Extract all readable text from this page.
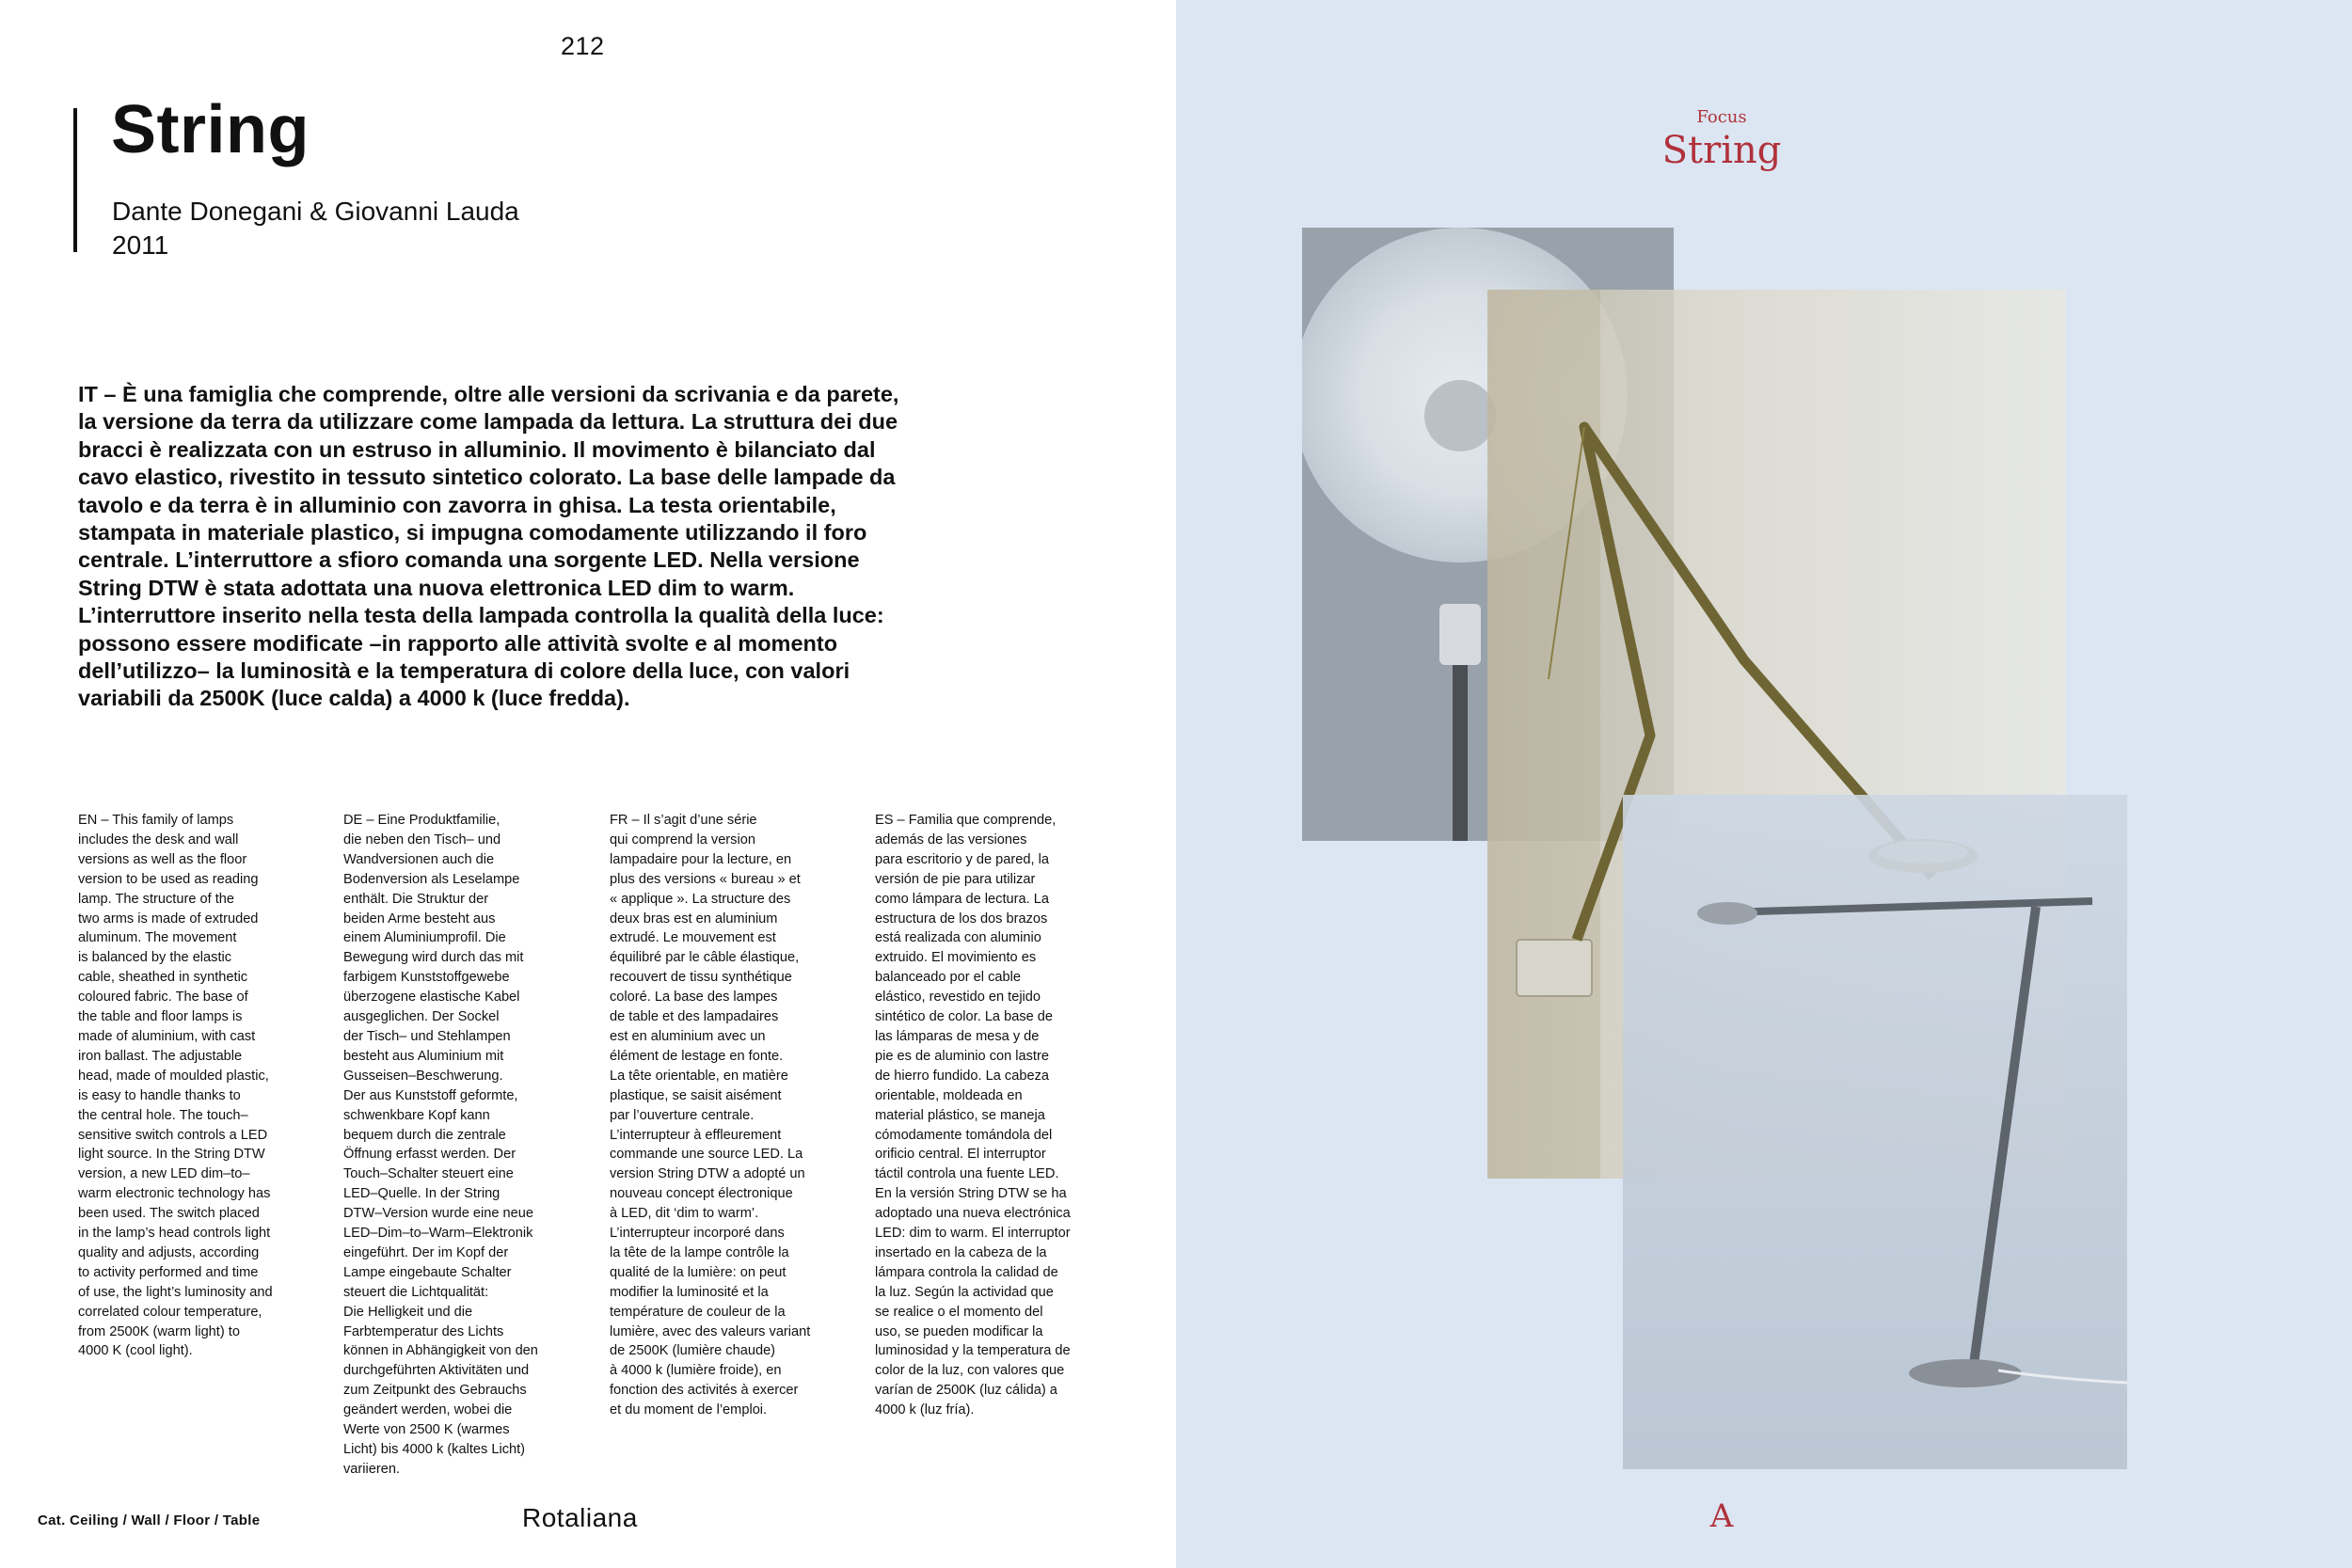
212
String
Dante Donegani & Giovanni Lauda
2011

IT – È una famiglia che comprende, oltre alle versioni da scrivania e da parete, la versione da terra da utilizzare come lampada da lettura. La struttura dei due bracci è realizzata con un estruso in alluminio. Il movimento è bilanciato dal cavo elastico, rivestito in tessuto sintetico colorato. La base delle lampade da tavolo e da terra è in alluminio con zavorra in ghisa. La testa orientabile, stampata in materiale plastico, si impugna comodamente utilizzando il foro centrale. L’interruttore a sfioro comanda una sorgente LED. Nella versione String DTW è stata adottata una nuova elettronica LED dim to warm. L’interruttore inserito nella testa della lampada controlla la qualità della luce: possono essere modificate –in rapporto alle attività svolte e al momento dell’utilizzo– la luminosità e la temperatura di colore della luce, con valori variabili da 2500K (luce calda) a 4000 k (luce fredda).

EN – This family of lamps
includes the desk and wall
versions as well as the floor
version to be used as reading
lamp. The structure of the
two arms is made of extruded
aluminum. The movement
is balanced by the elastic
cable, sheathed in synthetic
coloured fabric. The base of
the table and floor lamps is
made of aluminium, with cast
iron ballast. The adjustable
head, made of moulded plastic,
is easy to handle thanks to
the central hole. The touch–
sensitive switch controls a LED
light source. In the String DTW
version, a new LED dim–to–
warm electronic technology has
been used. The switch placed
in the lamp’s head controls light
quality and adjusts, according
to activity performed and time
of use, the light’s luminosity and
correlated colour temperature,
from 2500K (warm light) to
4000 K (cool light).
DE – Eine Produktfamilie,
die neben den Tisch– und
Wandversionen auch die
Bodenversion als Leselampe
enthält. Die Struktur der
beiden Arme besteht aus
einem Aluminiumprofil. Die
Bewegung wird durch das mit
farbigem Kunststoffgewebe
überzogene elastische Kabel
ausgeglichen. Der Sockel
der Tisch– und Stehlampen
besteht aus Aluminium mit
Gusseisen–Beschwerung.
Der aus Kunststoff geformte,
schwenkbare Kopf kann
bequem durch die zentrale
Öffnung erfasst werden. Der
Touch–Schalter steuert eine
LED–Quelle. In der String
DTW–Version wurde eine neue
LED–Dim–to–Warm–Elektronik
eingeführt. Der im Kopf der
Lampe eingebaute Schalter
steuert die Lichtqualität:
Die Helligkeit und die
Farbtemperatur des Lichts
können in Abhängigkeit von den
durchgeführten Aktivitäten und
zum Zeitpunkt des Gebrauchs
geändert werden, wobei die
Werte von 2500 K (warmes
Licht) bis 4000 k (kaltes Licht)
variieren.
FR – Il s’agit d’une série
qui comprend la version
lampadaire pour la lecture, en
plus des versions « bureau » et
« applique ». La structure des
deux bras est en aluminium
extrudé. Le mouvement est
équilibré par le câble élastique,
recouvert de tissu synthétique
coloré. La base des lampes
de table et des lampadaires
est en aluminium avec un
élément de lestage en fonte.
La tête orientable, en matière
plastique, se saisit aisément
par l’ouverture centrale.
L’interrupteur à effleurement
commande une source LED. La
version String DTW a adopté un
nouveau concept électronique
à LED, dit ‘dim to warm’.
L’interrupteur incorporé dans
la tête de la lampe contrôle la
qualité de la lumière: on peut
modifier la luminosité et la
température de couleur de la
lumière, avec des valeurs variant
de 2500K (lumière chaude)
à 4000 k (lumière froide), en
fonction des activités à exercer
et du moment de l’emploi.
ES – Familia que comprende,
además de las versiones
para escritorio y de pared, la
versión de pie para utilizar
como lámpara de lectura. La
estructura de los dos brazos
está realizada con aluminio
extruido. El movimiento es
balanceado por el cable
elástico, revestido en tejido
sintético de color. La base de
las lámparas de mesa y de
pie es de aluminio con lastre
de hierro fundido. La cabeza
orientable, moldeada en
material plástico, se maneja
cómodamente tomándola del
orificio central. El interruptor
táctil controla una fuente LED.
En la versión String DTW se ha
adoptado una nueva electrónica
LED: dim to warm. El interruptor
insertado en la cabeza de la
lámpara controla la calidad de
la luz. Según la actividad que
se realice o el momento del
uso, se pueden modificar la
luminosidad y la temperatura de
color de la luz, con valores que
varían de 2500K (luz cálida) a
4000 k (luz fría).
Cat. Ceiling / Wall / Floor / Table	Rotaliana
Focus
String
A
